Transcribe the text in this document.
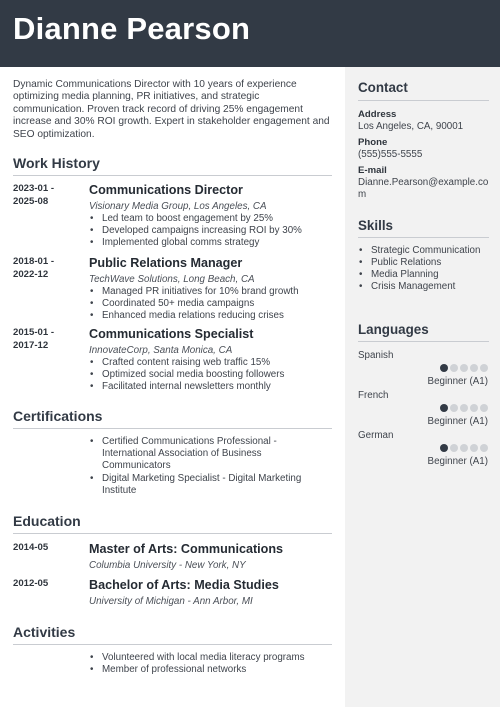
Dianne Pearson
Dynamic Communications Director with 10 years of experience optimizing media planning, PR initiatives, and strategic communication. Proven track record of driving 25% engagement increase and 30% ROI growth. Expert in stakeholder engagement and SEO optimization.
Work History
2023-01 -
2025-08
Communications Director
Visionary Media Group, Los Angeles, CA
• Led team to boost engagement by 25%
• Developed campaigns increasing ROI by 30%
• Implemented global comms strategy
2018-01 -
2022-12
Public Relations Manager
TechWave Solutions, Long Beach, CA
• Managed PR initiatives for 10% brand growth
• Coordinated 50+ media campaigns
• Enhanced media relations reducing crises
2015-01 -
2017-12
Communications Specialist
InnovateCorp, Santa Monica, CA
• Crafted content raising web traffic 15%
• Optimized social media boosting followers
• Facilitated internal newsletters monthly
Certifications
• Certified Communications Professional - International Association of Business Communicators
• Digital Marketing Specialist - Digital Marketing Institute
Education
2014-05	Master of Arts: Communications
Columbia University - New York, NY
2012-05	Bachelor of Arts: Media Studies
University of Michigan - Ann Arbor, MI
Activities
• Volunteered with local media literacy programs
• Member of professional networks
Contact
Address
Los Angeles, CA, 90001
Phone
(555)555-5555
E-mail
Dianne.Pearson@example.com
Skills
• Strategic Communication
• Public Relations
• Media Planning
• Crisis Management
Languages
Spanish
Beginner (A1)
French
Beginner (A1)
German
Beginner (A1)
